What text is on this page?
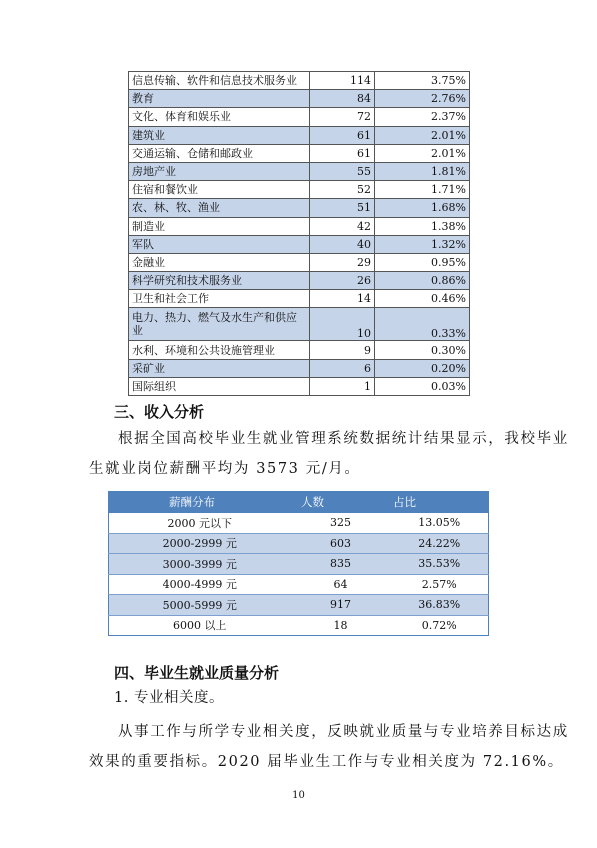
信息传输、软件和信息技术服务业	114	3.75%
教育	84	2.76%
文化、体育和娱乐业	72	2.37%
建筑业	61	2.01%
交通运输、仓储和邮政业	61	2.01%
房地产业	55	1.81%
住宿和餐饮业	52	1.71%
农、林、牧、渔业	51	1.68%
制造业	42	1.38%
军队	40	1.32%
金融业	29	0.95%
科学研究和技术服务业	26	0.86%
卫生和社会工作	14	0.46%
电力、热力、燃气及水生产和供应业	10	0.33%
水利、环境和公共设施管理业	9	0.30%
采矿业	6	0.20%
国际组织	1	0.03%
三、收入分析
根据全国高校毕业生就业管理系统数据统计结果显示，我校毕业
生就业岗位薪酬平均为 3573 元/月。
薪酬分布	人数	占比
2000 元以下	325	13.05%
2000-2999 元	603	24.22%
3000-3999 元	835	35.53%
4000-4999 元	64	2.57%
5000-5999 元	917	36.83%
6000 以上	18	0.72%
四、毕业生就业质量分析
1. 专业相关度。
从事工作与所学专业相关度，反映就业质量与专业培养目标达成
效果的重要指标。2020 届毕业生工作与专业相关度为 72.16%。
10
